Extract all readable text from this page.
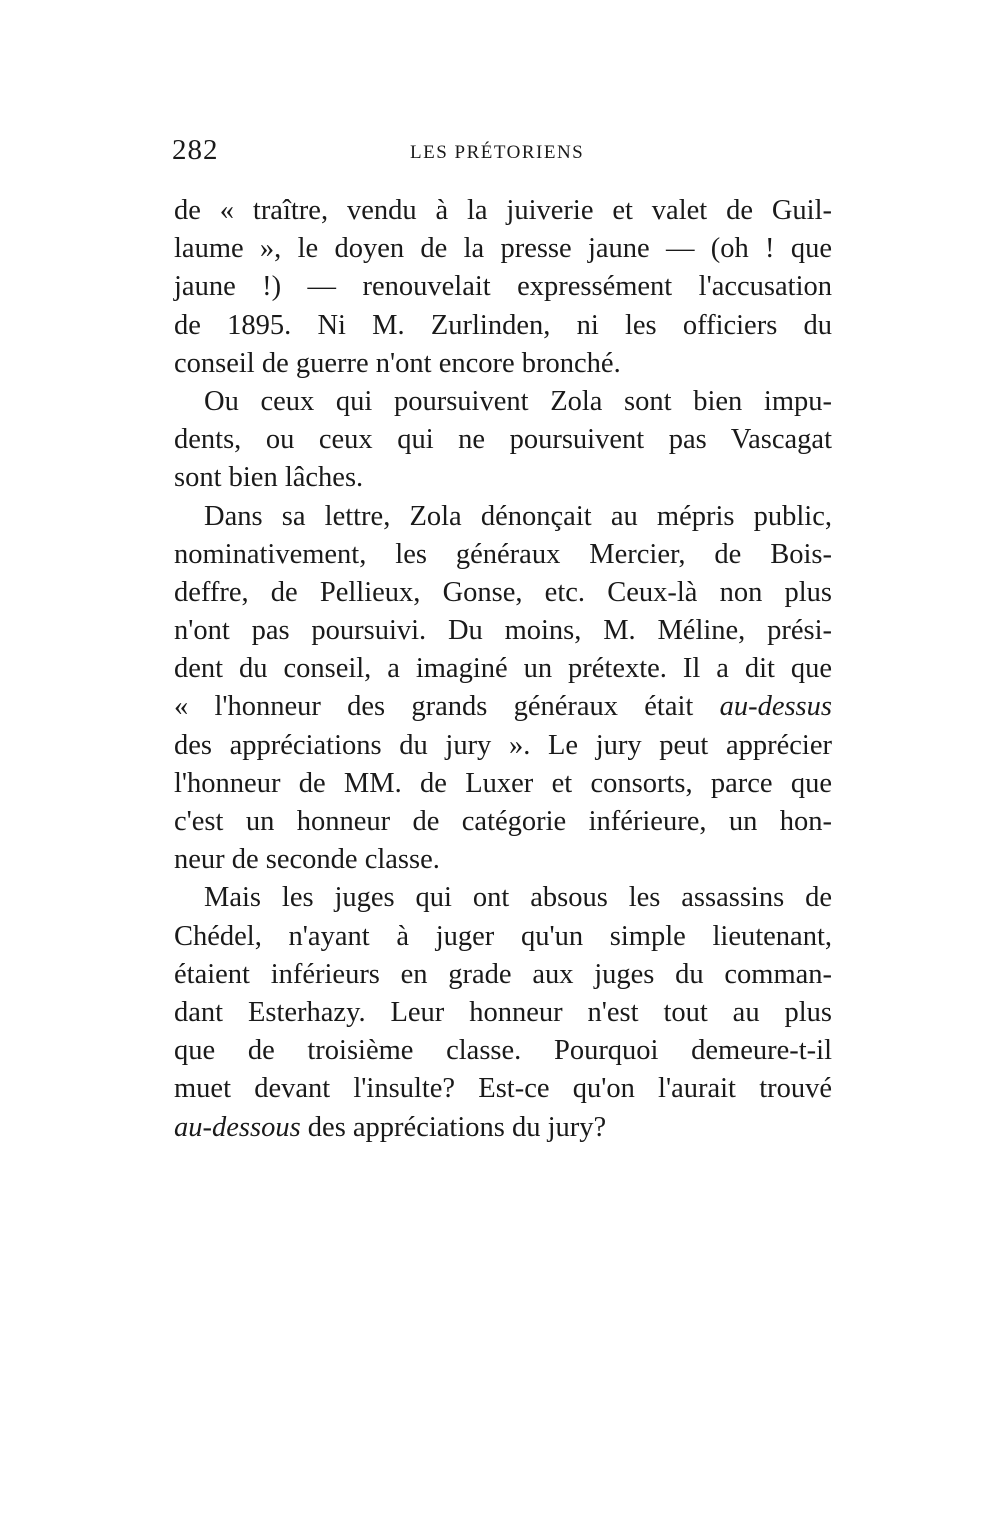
282	LES PRÉTORIENS
de « traître, vendu à la juiverie et valet de Guil-
laume », le doyen de la presse jaune — (oh ! que
jaune !) — renouvelait expressément l'accusation
de 1895. Ni M. Zurlinden, ni les officiers du
conseil de guerre n'ont encore bronché.
Ou ceux qui poursuivent Zola sont bien impu-
dents, ou ceux qui ne poursuivent pas Vascagat
sont bien lâches.
Dans sa lettre, Zola dénonçait au mépris public,
nominativement, les généraux Mercier, de Bois-
deffre, de Pellieux, Gonse, etc. Ceux-là non plus
n'ont pas poursuivi. Du moins, M. Méline, prési-
dent du conseil, a imaginé un prétexte. Il a dit que
« l'honneur des grands généraux était au-dessus
des appréciations du jury ». Le jury peut apprécier
l'honneur de MM. de Luxer et consorts, parce que
c'est un honneur de catégorie inférieure, un hon-
neur de seconde classe.
Mais les juges qui ont absous les assassins de
Chédel, n'ayant à juger qu'un simple lieutenant,
étaient inférieurs en grade aux juges du comman-
dant Esterhazy. Leur honneur n'est tout au plus
que de troisième classe. Pourquoi demeure-t-il
muet devant l'insulte? Est-ce qu'on l'aurait trouvé
au-dessous des appréciations du jury?
